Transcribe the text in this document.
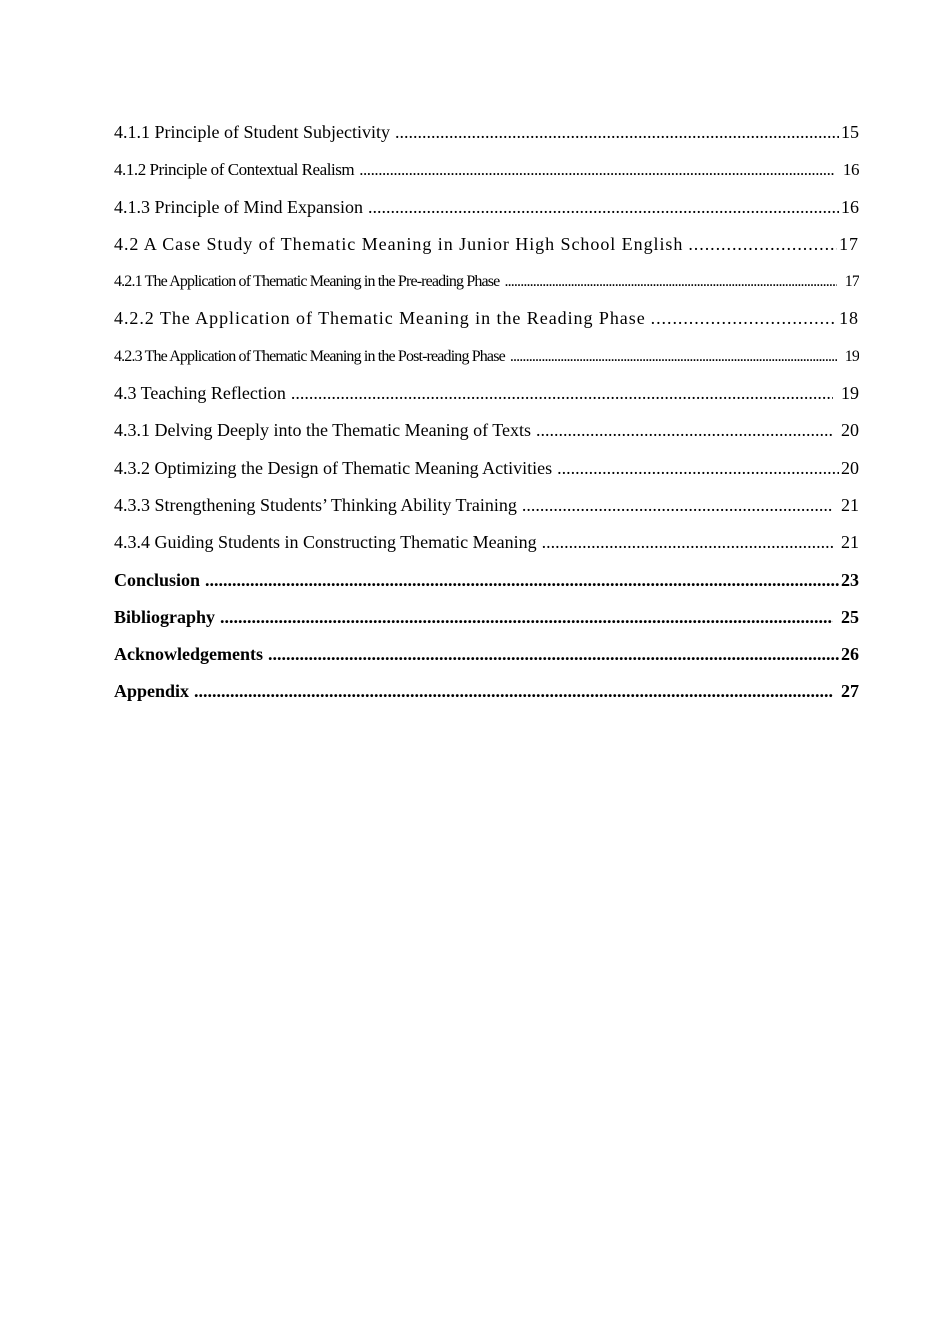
4.1.1 Principle of Student Subjectivity .....	15
4.1.2 Principle of Contextual Realism .....	16
4.1.3 Principle of Mind Expansion .....	16
4.2 A Case Study of Thematic Meaning in Junior High School English .....	17
4.2.1 The Application of Thematic Meaning in the Pre-reading Phase .....	17
4.2.2 The Application of Thematic Meaning in the Reading Phase .....	18
4.2.3 The Application of Thematic Meaning in the Post-reading Phase .....	19
4.3 Teaching Reflection .....	19
4.3.1 Delving Deeply into the Thematic Meaning of Texts .....	20
4.3.2 Optimizing the Design of Thematic Meaning Activities .....	20
4.3.3 Strengthening Students’ Thinking Ability Training .....	21
4.3.4 Guiding Students in Constructing Thematic Meaning .....	21
Conclusion .....	23
Bibliography .....	25
Acknowledgements .....	26
Appendix .....	27
